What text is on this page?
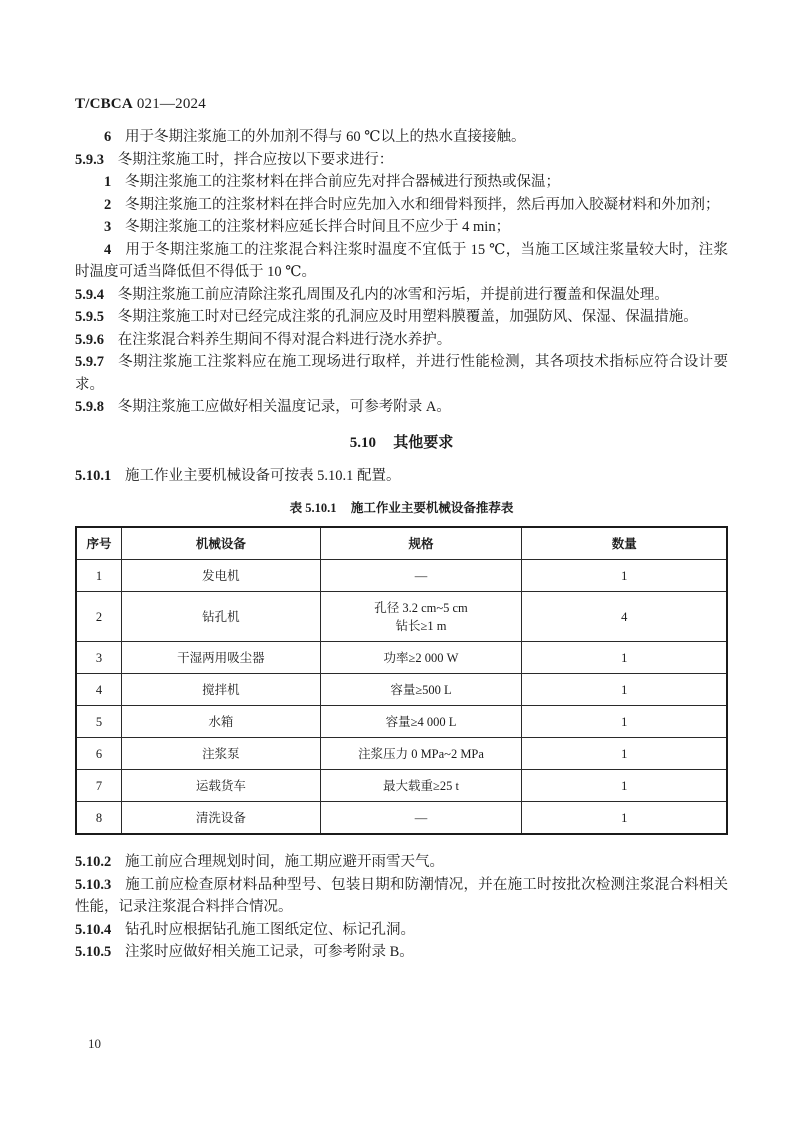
T/CBCA 021—2024

6 用于冬期注浆施工的外加剂不得与 60 ℃以上的热水直接接触。

5.9.3 冬期注浆施工时，拌合应按以下要求进行：

1 冬期注浆施工的注浆材料在拌合前应先对拌合器械进行预热或保温；

2 冬期注浆施工的注浆材料在拌合时应先加入水和细骨料预拌，然后再加入胶凝材料和外加剂；

3 冬期注浆施工的注浆材料应延长拌合时间且不应少于 4 min；

4 用于冬期注浆施工的注浆混合料注浆时温度不宜低于 15 ℃，当施工区域注浆量较大时，注浆时温度可适当降低但不得低于 10 ℃。

5.9.4 冬期注浆施工前应清除注浆孔周围及孔内的冰雪和污垢，并提前进行覆盖和保温处理。

5.9.5 冬期注浆施工时对已经完成注浆的孔洞应及时用塑料膜覆盖，加强防风、保湿、保温措施。

5.9.6 在注浆混合料养生期间不得对混合料进行浇水养护。

5.9.7 冬期注浆施工注浆料应在施工现场进行取样，并进行性能检测，其各项技术指标应符合设计要求。

5.9.8 冬期注浆施工应做好相关温度记录，可参考附录 A。

5.10 其他要求

5.10.1 施工作业主要机械设备可按表 5.10.1 配置。

表 5.10.1 施工作业主要机械设备推荐表
序号	机械设备	规格	数量
1	发电机	—	1
2	钻孔机	孔径 3.2 cm~5 cm
钻长≥1 m	4
3	干湿两用吸尘器	功率≥2 000 W	1
4	搅拌机	容量≥500 L	1
5	水箱	容量≥4 000 L	1
6	注浆泵	注浆压力 0 MPa~2 MPa	1
7	运载货车	最大载重≥25 t	1
8	清洗设备	—	1

5.10.2 施工前应合理规划时间，施工期应避开雨雪天气。

5.10.3 施工前应检查原材料品种型号、包装日期和防潮情况，并在施工时按批次检测注浆混合料相关性能，记录注浆混合料拌合情况。

5.10.4 钻孔时应根据钻孔施工图纸定位、标记孔洞。

5.10.5 注浆时应做好相关施工记录，可参考附录 B。

10
